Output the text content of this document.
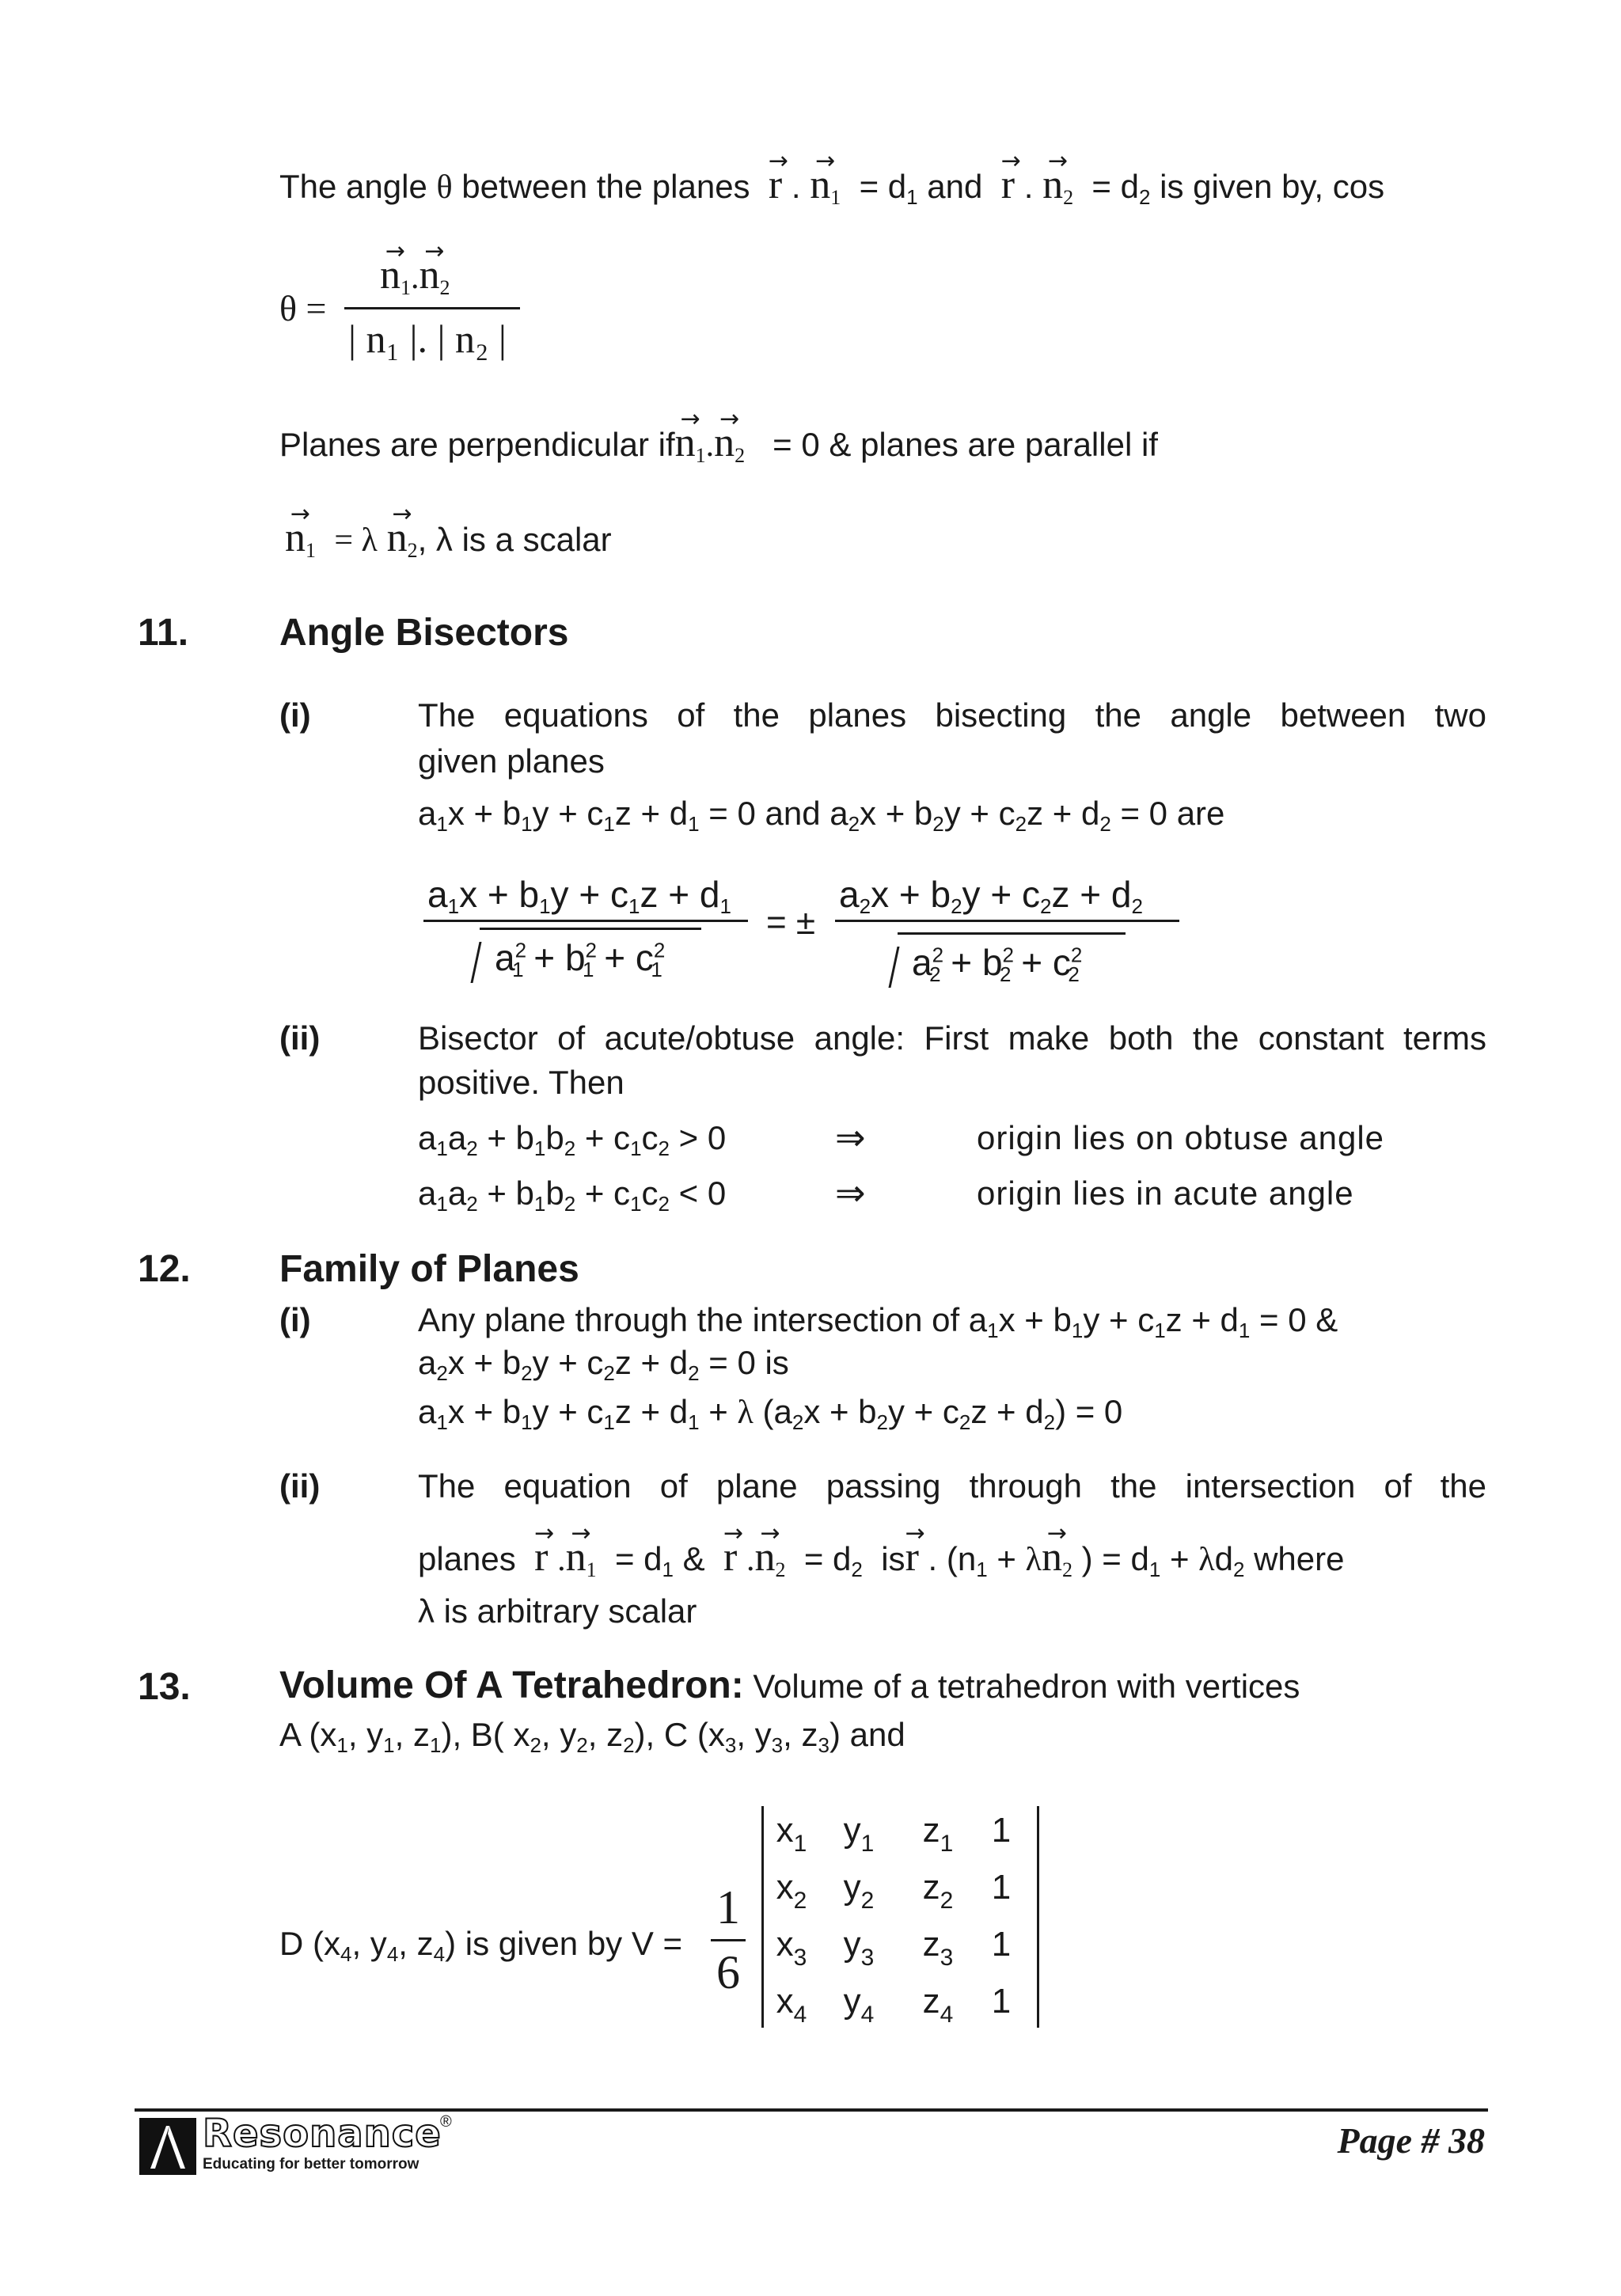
The angle θ between the planes → r . → $n_1 = d_1$ and → r . → $n_2 = d_2$ is given by, cos
θ =
→ $n_1.\to n_2$
| n₁ |. | n₂ |
Planes are perpendicular $if\to n_1.\to n_2 = 0$ & planes are parallel if
→ $n_1 = \lambda \to n_2$, λ is a scalar
11. Angle Bisectors
(i)	The equations of the planes bisecting the angle between two
given planes
$a_1x + b_1y + c_1z + d_1 = 0$ and $a_2x + b_2y + c_2z + d_2 = 0$ are
$a_1x + b_1y + c_1z + d_1$
$a^2_1 + b^2_1 + c^2_1$
= ±
$a_2x + b_2y + c_2z + d_2$
$a^2_2 + b^2_2 + c^2_2$
(ii)	Bisector of acute/obtuse angle: First make both the constant terms
positive. Then
$a_1a_2 + b_1b_2 + c_1c_2 > 0$	⇒	origin lies on obtuse angle
$a_1a_2 + b_1b_2 + c_1c_2 < 0$	⇒	origin lies in acute angle
12. Family of Planes
(i)	Any plane through the intersection of $a_1x + b_1y + c_1z + d_1 = 0$ &
$a_2x + b_2y + c_2z + d_2 = 0$ is
$a_1x + b_1y + c_1z + d_1 + \lambda$ $(a_2x + b_2y + c_2z + d_2) = 0$
(ii)	The equation of plane passing through the intersection of the
planes → r .→ $n_1 = d_1$ &  → r .→ $n_2 = d_2$  is→ r . ($n_1 + \lambda\to n_2$ ) = $d_1 + \lambda d_2$ where
λ is arbitrary scalar
13. Volume Of A Tetrahedron: Volume of a tetrahedron with vertices
A ($x_1$, $y_1$, $z_1$), B( $x_2$, $y_2$, $z_2$), C ($x_3$, $y_3$, $z_3$) and
D ($x_4$, $y_4$, $z_4$) is given by V =
1
6
$x_1$	$y_1$	$z_1$	1
$x_2$	$y_2$	$z_2$	1
$x_3$	$y_3$	$z_3$	1
$x_4$	$y_4$	$z_4$	1
Resonance
®
Educating for better tomorrow
Page # 38
